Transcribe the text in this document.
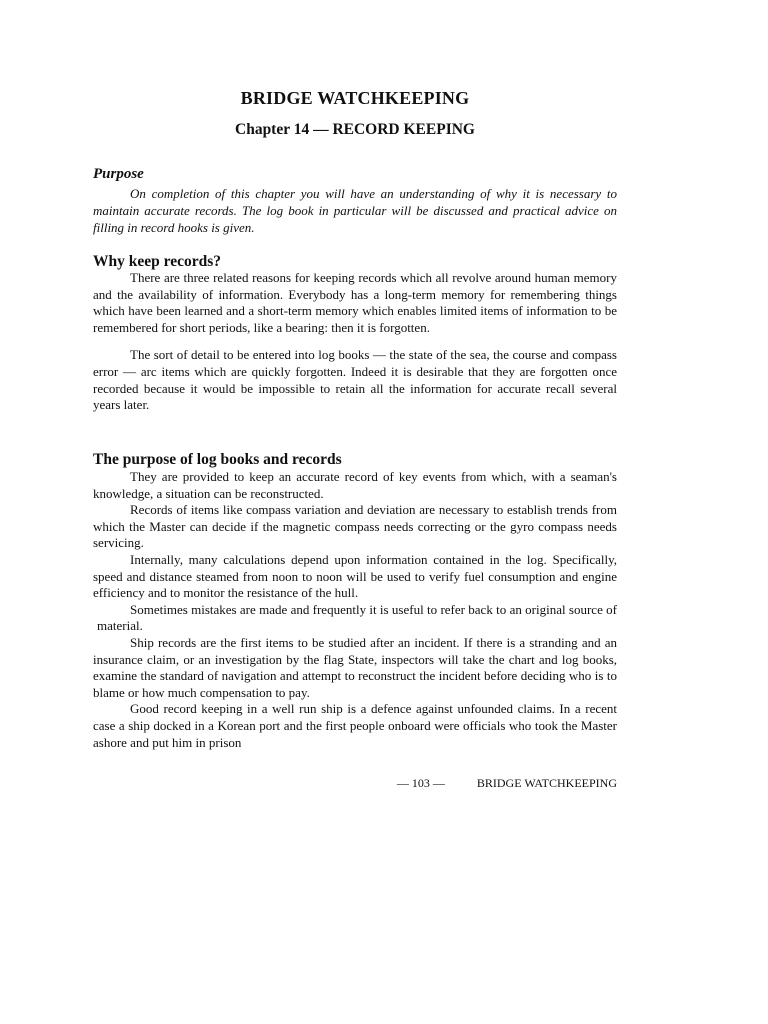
BRIDGE WATCHKEEPING
Chapter 14 — RECORD KEEPING
Purpose

On completion of this chapter you will have an understanding of why it is necessary to maintain accurate records. The log book in particular will be discussed and practical advice on filling in record hooks is given.

Why keep records?

There are three related reasons for keeping records which all revolve around human memory and the availability of information. Everybody has a long-term memory for remembering things which have been learned and a short-term memory which enables limited items of information to be remembered for short periods, like a bearing: then it is forgotten.

The sort of detail to be entered into log books — the state of the sea, the course and compass error — arc items which are quickly forgotten. Indeed it is desirable that they are forgotten once recorded because it would be impossible to retain all the information for accurate recall several years later.

The purpose of log books and records

They are provided to keep an accurate record of key events from which, with a seaman's knowledge, a situation can be reconstructed.

Records of items like compass variation and deviation are necessary to establish trends from which the Master can decide if the magnetic compass needs correcting or the gyro compass needs servicing.

Internally, many calculations depend upon information contained in the log. Specifically, speed and distance steamed from noon to noon will be used to verify fuel consumption and engine efficiency and to monitor the resistance of the hull.

Sometimes mistakes are made and frequently it is useful to refer back to an original source of material.

Ship records are the first items to be studied after an incident. If there is a stranding and an insurance claim, or an investigation by the flag State, inspectors will take the chart and log books, examine the standard of navigation and attempt to reconstruct the incident before deciding who is to blame or how much compensation to pay.

Good record keeping in a well run ship is a defence against unfounded claims. In a recent case a ship docked in a Korean port and the first people onboard were officials who took the Master ashore and put him in prison

— 103 —	BRIDGE WATCHKEEPING
